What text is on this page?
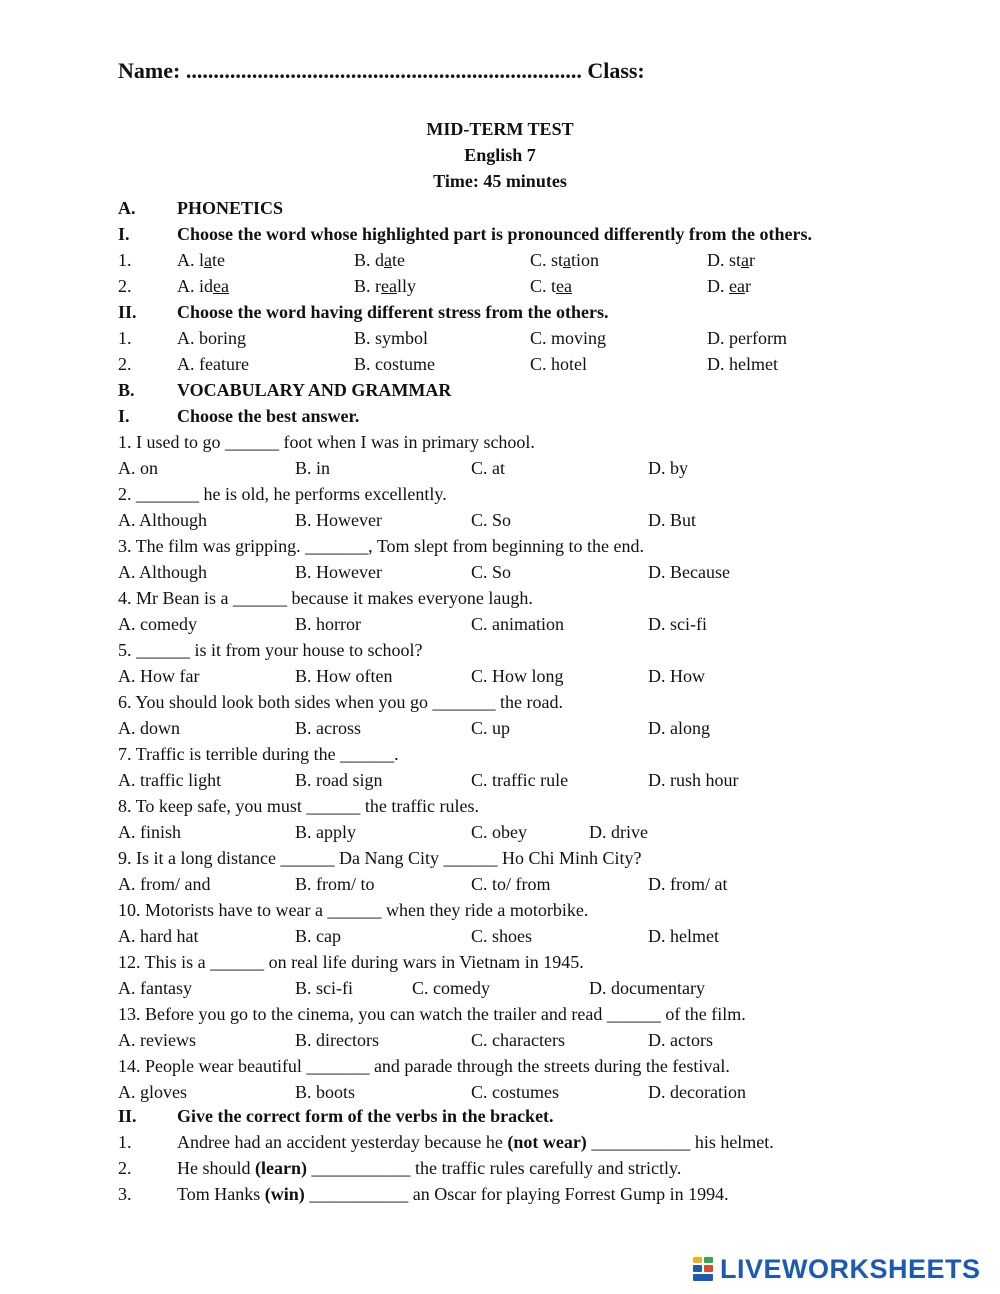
Name: ........................................................................ Class:
MID-TERM TEST
English 7
Time: 45 minutes
A. PHONETICS
I.	Choose the word whose highlighted part is pronounced differently from the others.
1.	A. late	B. date	C. station	D. star
2.	A. idea	B. really	C. tea	D. ear
II. Choose the word having different stress from the others.
1.	A. boring	B. symbol	C. moving	D. perform
2.	A. feature	B. costume	C. hotel	D. helmet
B. VOCABULARY AND GRAMMAR
I.	Choose the best answer.
1. I used to go ______ foot when I was in primary school.
A. on	B. in	C. at	D. by
2. _______ he is old, he performs excellently.
A. Although	B. However	C. So	D. But
3. The film was gripping. _______, Tom slept from beginning to the end.
A. Although	B. However	C. So	D. Because
4. Mr Bean is a ______ because it makes everyone laugh.
A. comedy	B. horror	C. animation	D. sci-fi
5. ______ is it from your house to school?
A. How far	B. How often	C. How long	D. How
6. You should look both sides when you go _______ the road.
A. down	B. across	C. up	D. along
7. Traffic is terrible during the ______.
A. traffic light	B. road sign	C. traffic rule	D. rush hour
8. To keep safe, you must ______ the traffic rules.
A. finish	B. apply	C. obey	D. drive
9. Is it a long distance ______ Da Nang City ______ Ho Chi Minh City?
A. from/ and	B. from/ to	C. to/ from	D. from/ at
10. Motorists have to wear a ______ when they ride a motorbike.
A. hard hat	B. cap	C. shoes	D. helmet
12. This is a ______ on real life during wars in Vietnam in 1945.
A. fantasy	B. sci-fi	C. comedy	D. documentary
13. Before you go to the cinema, you can watch the trailer and read ______ of the film.
A. reviews	B. directors	C. characters	D. actors
14. People wear beautiful _______ and parade through the streets during the festival.
A. gloves	B. boots	C. costumes	D. decoration
II. Give the correct form of the verbs in the bracket.
1.	Andree had an accident yesterday because he (not wear) ___________ his helmet.
2.	He should (learn) ___________ the traffic rules carefully and strictly.
3.	Tom Hanks (win) ___________ an Oscar for playing Forrest Gump in 1994.
LIVEWORKSHEETS
